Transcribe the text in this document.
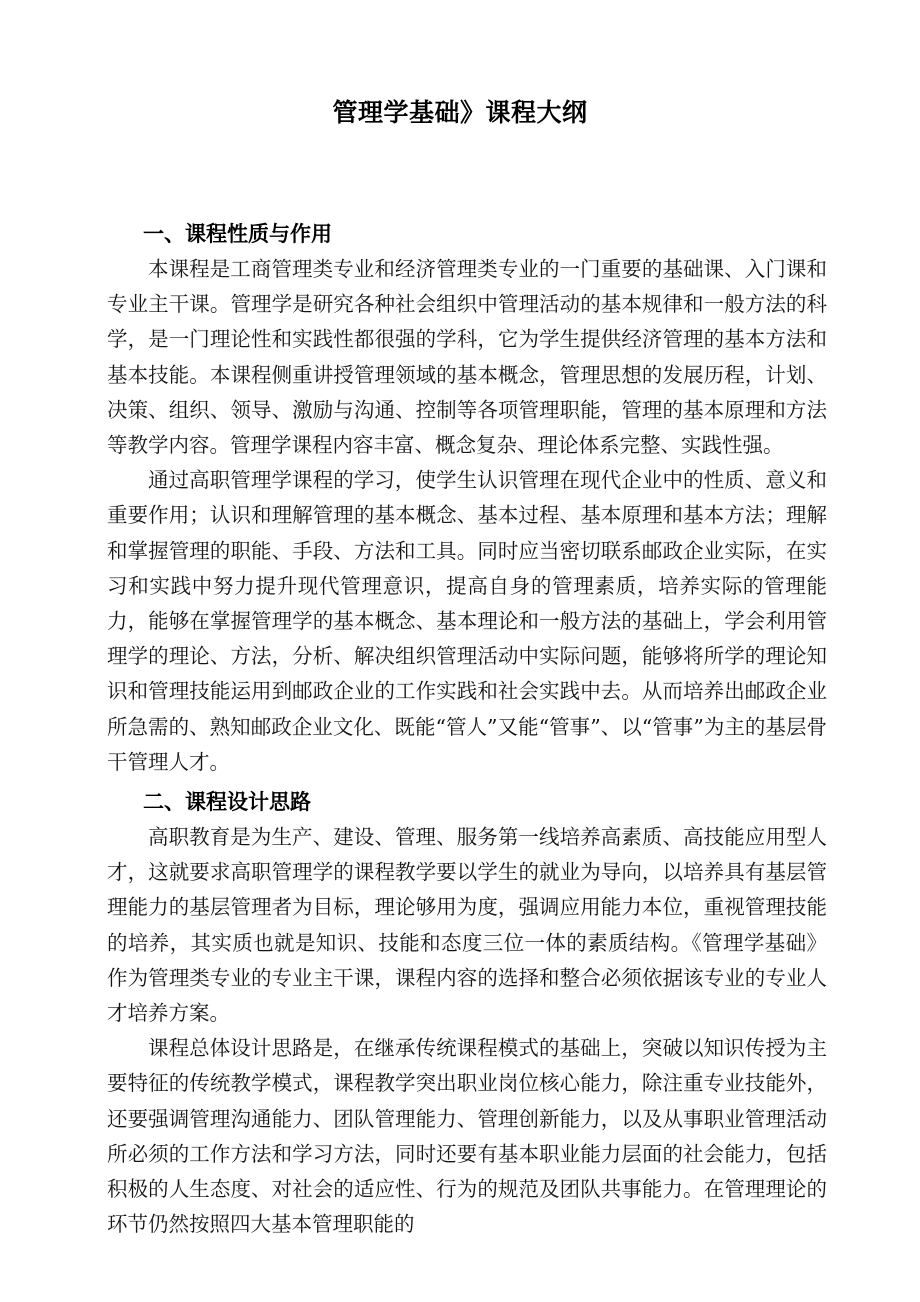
管理学基础》课程大纲
一、课程性质与作用

本课程是工商管理类专业和经济管理类专业的一门重要的基础课、入门课和专业主干课。管理学是研究各种社会组织中管理活动的基本规律和一般方法的科学，是一门理论性和实践性都很强的学科，它为学生提供经济管理的基本方法和基本技能。本课程侧重讲授管理领域的基本概念，管理思想的发展历程，计划、决策、组织、领导、激励与沟通、控制等各项管理职能，管理的基本原理和方法等教学内容。管理学课程内容丰富、概念复杂、理论体系完整、实践性强。

通过高职管理学课程的学习，使学生认识管理在现代企业中的性质、意义和重要作用；认识和理解管理的基本概念、基本过程、基本原理和基本方法；理解和掌握管理的职能、手段、方法和工具。同时应当密切联系邮政企业实际，在实习和实践中努力提升现代管理意识，提高自身的管理素质，培养实际的管理能力，能够在掌握管理学的基本概念、基本理论和一般方法的基础上，学会利用管理学的理论、方法，分析、解决组织管理活动中实际问题，能够将所学的理论知识和管理技能运用到邮政企业的工作实践和社会实践中去。从而培养出邮政企业所急需的、熟知邮政企业文化、既能“管人”又能“管事”、以“管事”为主的基层骨干管理人才。

二、课程设计思路

高职教育是为生产、建设、管理、服务第一线培养高素质、高技能应用型人才，这就要求高职管理学的课程教学要以学生的就业为导向，以培养具有基层管理能力的基层管理者为目标，理论够用为度，强调应用能力本位，重视管理技能的培养，其实质也就是知识、技能和态度三位一体的素质结构。《管理学基础》作为管理类专业的专业主干课，课程内容的选择和整合必须依据该专业的专业人才培养方案。

课程总体设计思路是，在继承传统课程模式的基础上，突破以知识传授为主要特征的传统教学模式，课程教学突出职业岗位核心能力，除注重专业技能外，还要强调管理沟通能力、团队管理能力、管理创新能力，以及从事职业管理活动所必须的工作方法和学习方法，同时还要有基本职业能力层面的社会能力，包括积极的人生态度、对社会的适应性、行为的规范及团队共事能力。在管理理论的环节仍然按照四大基本管理职能的
